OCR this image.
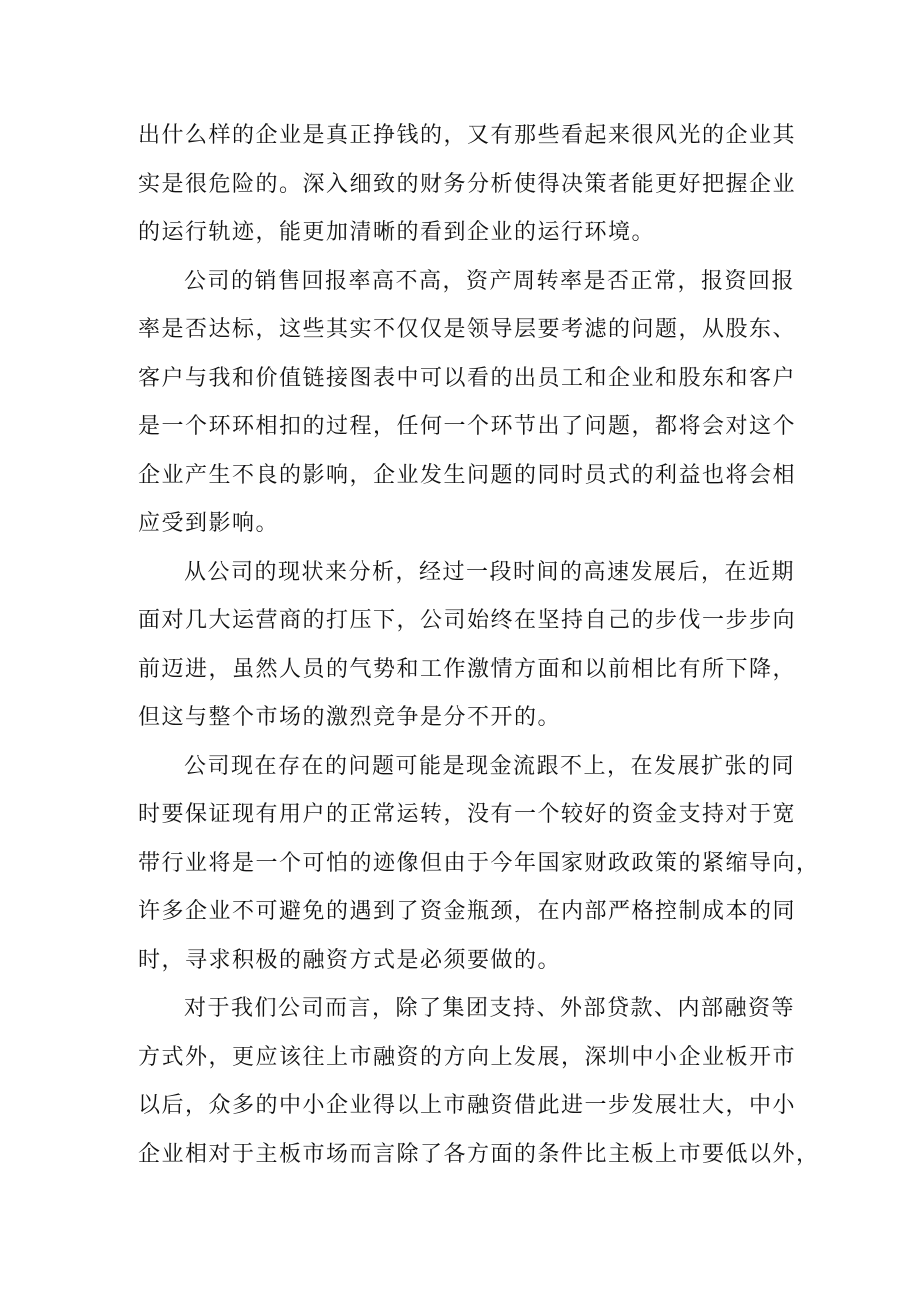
出什么样的企业是真正挣钱的，又有那些看起来很风光的企业其
实是很危险的。深入细致的财务分析使得决策者能更好把握企业
的运行轨迹，能更加清晰的看到企业的运行环境。
公司的销售回报率高不高，资产周转率是否正常，报资回报
率是否达标，这些其实不仅仅是领导层要考滤的问题，从股东、
客户与我和价值链接图表中可以看的出员工和企业和股东和客户
是一个环环相扣的过程，任何一个环节出了问题，都将会对这个
企业产生不良的影响，企业发生问题的同时员式的利益也将会相
应受到影响。
从公司的现状来分析，经过一段时间的高速发展后，在近期
面对几大运营商的打压下，公司始终在坚持自己的步伐一步步向
前迈进，虽然人员的气势和工作激情方面和以前相比有所下降，
但这与整个市场的激烈竞争是分不开的。
公司现在存在的问题可能是现金流跟不上，在发展扩张的同
时要保证现有用户的正常运转，没有一个较好的资金支持对于宽
带行业将是一个可怕的迹像但由于今年国家财政政策的紧缩导向，
许多企业不可避免的遇到了资金瓶颈，在内部严格控制成本的同
时，寻求积极的融资方式是必须要做的。
对于我们公司而言，除了集团支持、外部贷款、内部融资等
方式外，更应该往上市融资的方向上发展，深圳中小企业板开市
以后，众多的中小企业得以上市融资借此进一步发展壮大，中小
企业相对于主板市场而言除了各方面的条件比主板上市要低以外，
